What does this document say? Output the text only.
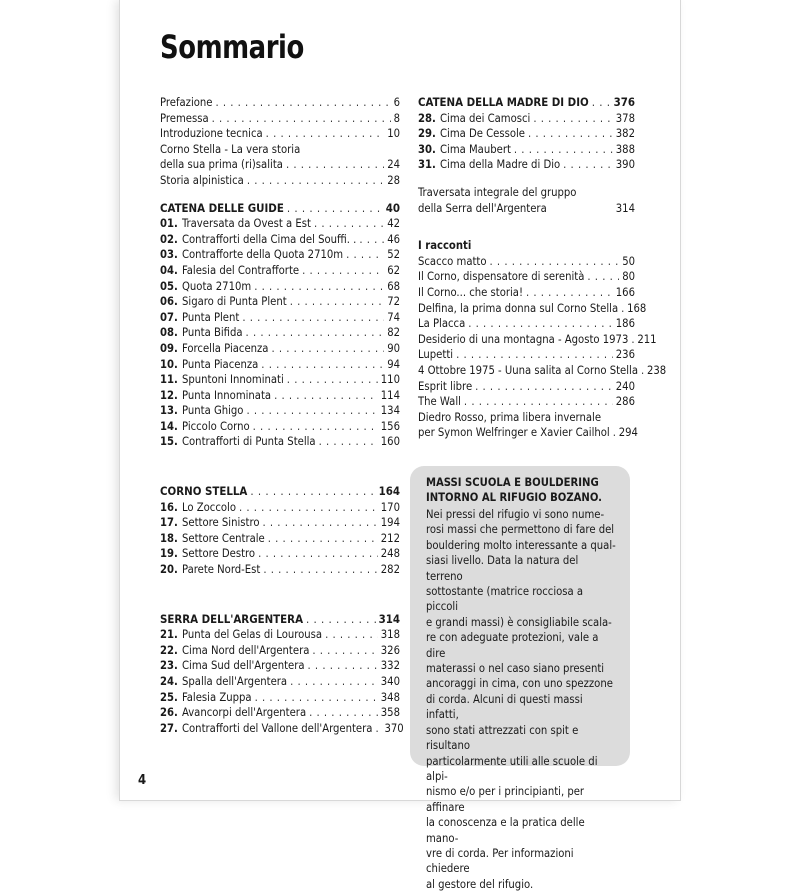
Sommario
Prefazione . . .	6
Premessa . . .	8
Introduzione tecnica . . .	10
Corno Stella - La vera storia
della sua prima (ri)salita . . .	24
Storia alpinistica . . .	28
CATENA DELLE GUIDE . . .	40
01. Traversata da Ovest a Est . . .	42
02. Contrafforti della Cima del Souffi. . . . .	46
03. Contrafforte della Quota 2710m . . .	52
04. Falesia del Contrafforte . . .	62
05. Quota 2710m . . .	68
06. Sigaro di Punta Plent . . .	72
07. Punta Plent . . .	74
08. Punta Bifida . . .	82
09. Forcella Piacenza . . .	90
10. Punta Piacenza . . .	94
11. Spuntoni Innominati . . .	110
12. Punta Innominata . . .	114
13. Punta Ghigo . . .	134
14. Piccolo Corno . . .	156
15. Contrafforti di Punta Stella . . .	160
CORNO STELLA . . .	164
16. Lo Zoccolo . . .	170
17. Settore Sinistro . . .	194
18. Settore Centrale . . .	212
19. Settore Destro . . .	248
20. Parete Nord-Est . . .	282
SERRA DELL'ARGENTERA . . .	314
21. Punta del Gelas di Lourousa . . .	318
22. Cima Nord dell'Argentera . . .	326
23. Cima Sud dell'Argentera . . .	332
24. Spalla dell'Argentera . . .	340
25. Falesia Zuppa . . .	348
26. Avancorpi dell'Argentera . . .	358
27. Contrafforti del Vallone dell'Argentera . . . 370
CATENA DELLA MADRE DI DIO . . . 376
28. Cima dei Camosci . . .	378
29. Cima De Cessole . . .	382
30. Cima Maubert . . .	388
31. Cima della Madre di Dio . . .	390
Traversata integrale del gruppo
della Serra dell'Argentera	314
I racconti
Scacco matto . . .	50
Il Corno, dispensatore di serenità . . .	80
Il Corno... che storia! . . .	166
Delfina, la prima donna sul Corno Stella . . . 168
La Placca . . .	186
Desiderio di una montagna - Agosto 1973 . . . 211
Lupetti . . .	236
4 Ottobre 1975 - Uuna salita al Corno Stella . . . 238
Esprit libre . . .	240
The Wall . . .	286
Diedro Rosso, prima libera invernale
per Symon Welfringer e Xavier Cailhol . . . 294
MASSI SCUOLA E BOULDERING
INTORNO AL RIFUGIO BOZANO.
Nei pressi del rifugio vi sono nume-
rosi massi che permettono di fare del
bouldering molto interessante a qual-
siasi livello. Data la natura del terreno
sottostante (matrice rocciosa a piccoli
e grandi massi) è consigliabile scala-
re con adeguate protezioni, vale a dire
materassi o nel caso siano presenti
ancoraggi in cima, con uno spezzone
di corda. Alcuni di questi massi infatti,
sono stati attrezzati con spit e risultano
particolarmente utili alle scuole di alpi-
nismo e/o per i principianti, per affinare
la conoscenza e la pratica delle mano-
vre di corda. Per informazioni chiedere
al gestore del rifugio.
4
